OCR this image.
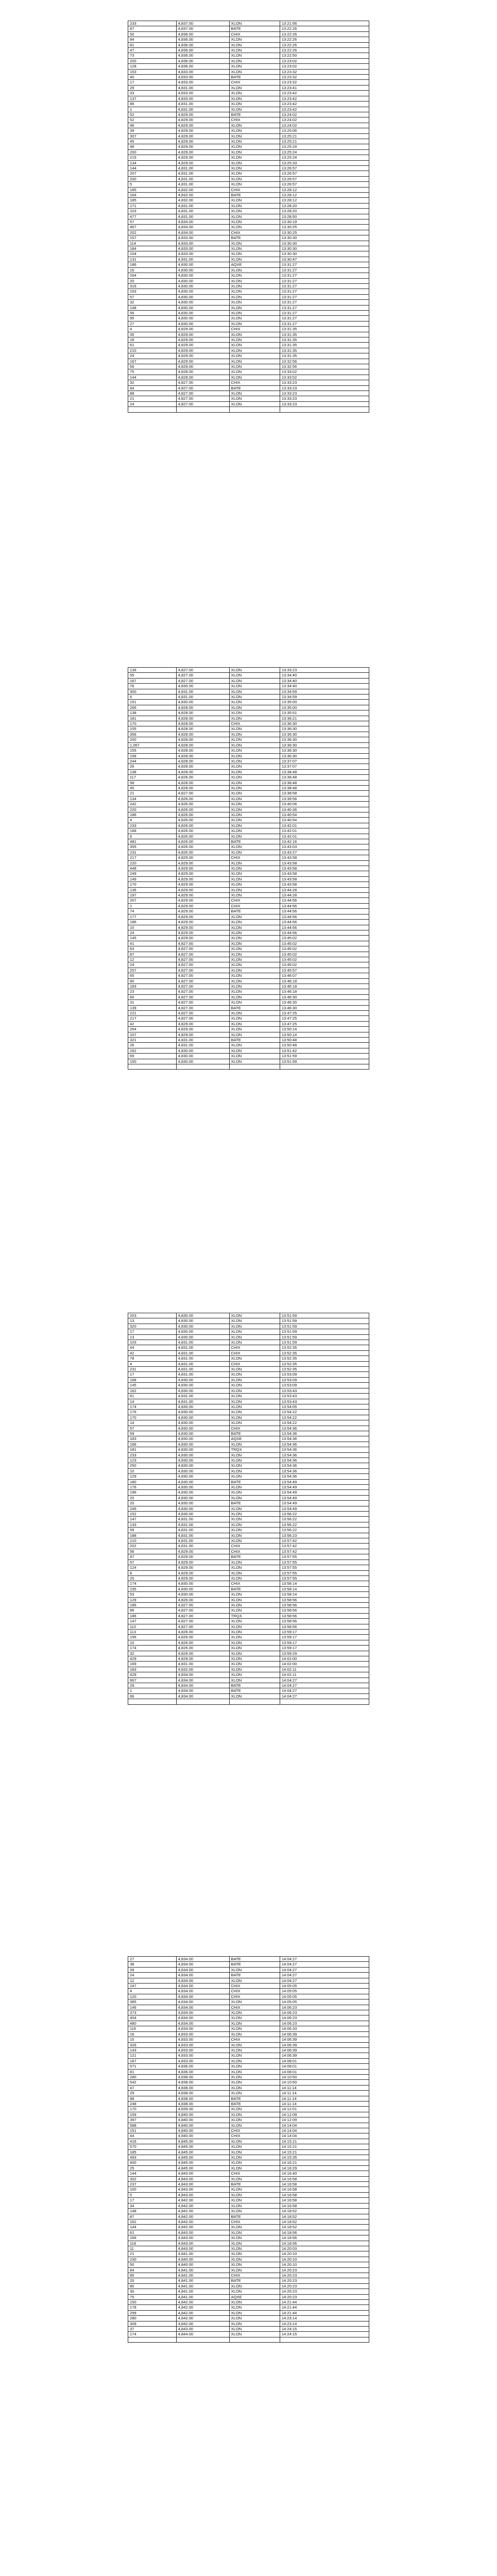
233	4,837.00	XLON	13:21:56
87	4,837.00	BATE	13:22:26
50	4,836.00	CHIX	13:22:26
84	4,836.00	XLON	13:22:26
81	4,836.00	XLON	13:22:26
47	4,836.00	XLON	13:22:26
73	4,836.00	XLON	13:22:50
200	4,836.00	XLON	13:23:02
128	4,836.00	XLON	13:23:02
153	4,833.00	XLON	13:23:32
40	4,833.00	BATE	13:23:32
17	4,833.00	CHIX	13:23:32
29	4,831.00	XLON	13:23:41
33	4,833.00	XLON	13:23:42
137	4,833.00	XLON	13:23:42
86	4,831.00	XLON	13:23:42
1	4,831.00	XLON	13:23:42
52	4,829.00	BATE	13:24:02
52	4,829.00	CHIX	13:24:02
46	4,829.00	XLON	13:24:02
39	4,829.00	XLON	13:25:06
307	4,829.00	XLON	13:25:21
45	4,829.00	XLON	13:25:21
48	4,829.00	XLON	13:25:24
200	4,829.00	XLON	13:25:24
215	4,829.00	XLON	13:25:24
134	4,829.00	XLON	13:25:33
144	4,831.00	XLON	13:26:57
207	4,831.00	XLON	13:26:57
200	4,831.00	XLON	13:26:57
5	4,831.00	XLON	13:26:57
185	4,832.00	CHIX	13:28:12
164	4,832.00	BATE	13:28:12
185	4,832.00	XLON	13:28:12
171	4,831.00	XLON	13:28:20
103	4,831.00	XLON	13:28:20
477	4,831.00	XLON	13:28:50
57	4,834.00	XLON	13:30:19
467	4,834.00	XLON	13:30:25
202	4,834.00	CHIX	13:30:25
157	4,833.00	BATE	13:30:30
114	4,833.00	XLON	13:30:30
184	4,833.00	XLON	13:30:30
104	4,833.00	XLON	13:30:30
131	4,831.00	XLON	13:30:47
186	4,830.00	AQXE	13:31:27
16	4,830.00	XLON	13:31:27
164	4,830.00	XLON	13:31:27
20	4,830.00	XLON	13:31:27
316	4,830.00	XLON	13:31:27
153	4,830.00	XLON	13:31:27
57	4,830.00	XLON	13:31:27
32	4,830.00	XLON	13:31:27
148	4,830.00	XLON	13:31:27
56	4,830.00	XLON	13:31:27
95	4,830.00	XLON	13:31:27
27	4,830.00	XLON	13:31:27
4	4,829.00	CHIX	13:31:35
35	4,829.00	XLON	13:31:35
18	4,829.00	XLON	13:31:35
61	4,829.00	XLON	13:31:35
210	4,829.00	XLON	13:31:35
24	4,829.00	XLON	13:31:35
167	4,829.00	XLON	13:32:56
56	4,829.00	XLON	13:32:56
75	4,828.00	XLON	13:33:02
144	4,828.00	XLON	13:33:02
32	4,827.00	CHIX	13:33:23
64	4,827.00	BATE	13:33:23
88	4,827.00	XLON	13:33:23
21	4,827.00	XLON	13:33:23
24	4,827.00	XLON	13:33:23

136	4,827.00	XLON	13:33:23
55	4,827.00	XLON	13:34:40
167	4,827.00	XLON	13:34:40
76	4,830.00	XLON	13:34:40
300	4,831.00	XLON	13:34:59
6	4,831.00	XLON	13:34:59
151	4,830.00	XLON	13:35:00
266	4,828.00	XLON	13:35:00
138	4,828.00	XLON	13:35:51
181	4,828.00	XLON	13:36:21
170	4,828.00	CHIX	13:36:30
155	4,828.00	XLON	13:36:30
356	4,828.00	XLON	13:36:30
200	4,828.00	XLON	13:36:30
1,067	4,828.00	XLON	13:36:30
155	4,828.00	XLON	13:36:30
158	4,828.00	XLON	13:36:30
244	4,828.00	XLON	13:37:07
26	4,828.00	XLON	13:37:07
138	4,828.00	XLON	13:38:48
117	4,826.00	XLON	13:38:48
58	4,828.00	XLON	13:38:48
45	4,828.00	XLON	13:38:48
21	4,827.00	XLON	13:38:58
134	4,826.00	XLON	13:39:56
242	4,826.00	XLON	13:40:06
220	4,826.00	XLON	13:40:36
186	4,826.00	XLON	13:40:54
4	4,826.00	XLON	13:40:54
233	4,826.00	XLON	13:42:01
168	4,826.00	XLON	13:42:01
6	4,826.00	XLON	13:42:01
481	4,826.00	BATE	13:42:16
355	4,826.00	XLON	13:43:03
231	4,826.00	XLON	13:43:27
217	4,829.00	CHIX	13:43:58
220	4,829.00	XLON	13:43:58
448	4,829.00	XLON	13:43:58
249	4,829.00	XLON	13:43:58
149	4,829.00	XLON	13:43:58
170	4,829.00	XLON	13:43:58
136	4,829.00	XLON	13:44:28
197	4,829.00	XLON	13:44:28
207	4,829.00	CHIX	13:44:56
1	4,829.00	CHIX	13:44:56
74	4,829.00	BATE	13:44:56
177	4,829.00	XLON	13:44:56
186	4,829.00	XLON	13:44:56
10	4,829.00	XLON	13:44:56
24	4,829.00	XLON	13:44:56
145	4,829.00	XLON	13:45:02
41	4,827.00	XLON	13:45:02
63	4,827.00	XLON	13:45:02
87	4,827.00	XLON	13:45:02
12	4,827.00	XLON	13:45:02
24	4,827.00	XLON	13:45:02
257	4,827.00	XLON	13:45:57
65	4,827.00	XLON	13:46:07
60	4,827.00	XLON	13:46:18
183	4,827.00	XLON	13:46:18
23	4,827.00	XLON	13:46:18
60	4,827.00	XLON	13:46:30
31	4,827.00	XLON	13:46:30
139	4,827.00	BATE	13:46:30
221	4,827.00	XLON	13:47:25
217	4,827.00	XLON	13:47:25
42	4,829.00	XLON	13:47:25
264	4,829.00	XLON	13:50:14
107	4,829.00	XLON	13:50:14
321	4,831.00	BATE	13:50:48
26	4,831.00	XLON	13:50:48
162	4,830.00	XLON	13:51:42
69	4,830.00	XLON	13:51:59
150	4,830.00	XLON	13:51:59

203	4,830.00	XLON	13:51:59
13	4,830.00	XLON	13:51:59
320	4,830.00	XLON	13:51:59
17	4,830.00	XLON	13:51:59
13	4,830.00	XLON	13:51:59
103	4,831.00	XLON	13:51:59
44	4,831.00	CHIX	13:52:35
42	4,831.00	CHIX	13:52:35
78	4,831.00	XLON	13:52:35
4	4,831.00	CHIX	13:52:35
231	4,831.00	XLON	13:52:35
17	4,831.00	XLON	13:53:09
168	4,830.00	XLON	13:53:09
145	4,830.00	XLON	13:53:09
162	4,830.00	XLON	13:53:43
61	4,831.00	XLON	13:53:43
14	4,831.00	XLON	13:53:43
174	4,830.00	XLON	13:54:05
176	4,830.00	XLON	13:54:22
170	4,830.00	XLON	13:54:22
14	4,830.00	XLON	13:54:22
57	4,830.00	CHIX	13:54:36
59	4,830.00	BATE	13:54:36
183	4,830.00	AQXE	13:54:36
166	4,830.00	XLON	13:54:36
181	4,830.00	TRQX	13:54:36
233	4,830.00	XLON	13:54:36
123	4,830.00	XLON	13:54:36
250	4,830.00	XLON	13:54:36
10	4,830.00	XLON	13:54:36
129	4,830.00	XLON	13:54:36
180	4,830.00	BATE	13:54:49
176	4,830.00	XLON	13:54:49
196	4,830.00	XLON	13:54:49
20	4,830.00	XLON	13:54:49
20	4,830.00	BATE	13:54:49
245	4,830.00	XLON	13:54:49
152	4,830.00	XLON	13:56:22
147	4,831.00	XLON	13:56:22
133	4,831.00	XLON	13:56:22
59	4,831.00	XLON	13:56:22
188	4,831.00	XLON	13:56:23
210	4,831.00	XLON	13:57:42
202	4,831.00	CHIX	13:57:42
56	4,829.00	CHIX	13:57:42
47	4,829.00	BATE	13:57:55
57	4,829.00	XLON	13:57:55
124	4,829.00	XLON	13:57:55
8	4,829.00	XLON	13:57:55
20	4,829.00	XLON	13:57:55
174	4,830.00	CHIX	13:58:14
235	4,830.00	BATE	13:58:14
53	4,830.00	XLON	13:58:14
129	4,826.00	XLON	13:58:56
186	4,827.00	XLON	13:58:56
96	4,827.00	XLON	13:58:56
186	4,827.00	TRQX	13:58:56
147	4,827.00	XLON	13:58:56
110	4,827.00	XLON	13:58:56
113	4,826.00	XLON	13:59:17
156	4,826.00	XLON	13:59:17
10	4,826.00	XLON	13:59:17
174	4,826.00	XLON	13:59:17
32	4,829.00	XLON	13:59:29
429	4,829.00	XLON	14:02:00
169	4,831.00	XLON	14:02:00
183	4,832.00	XLON	14:02:11
429	4,834.00	XLON	14:02:11
667	4,834.00	XLON	14:04:27
29	4,834.00	BATE	14:04:27
1	4,834.00	BATE	14:04:27
66	4,834.00	XLON	14:04:27

27	4,834.00	BATE	14:04:27
38	4,834.00	BATE	14:04:27
39	4,834.00	XLON	14:04:27
24	4,834.00	BATE	14:04:27
12	4,834.00	XLON	14:04:27
247	4,834.00	CHIX	14:05:05
4	4,834.00	CHIX	14:05:05
120	4,834.00	CHIX	14:05:05
385	4,834.00	XLON	14:05:05
146	4,834.00	CHIX	14:06:23
373	4,834.00	XLON	14:06:23
404	4,834.00	XLON	14:06:23
480	4,834.00	XLON	14:06:23
116	4,834.00	XLON	14:06:33
16	4,833.00	XLON	14:06:39
15	4,833.00	CHIX	14:06:39
326	4,833.00	XLON	14:06:39
143	4,833.00	XLON	14:06:39
121	4,833.00	XLON	14:06:39
187	4,833.00	XLON	14:08:01
571	4,836.00	XLON	14:08:01
81	4,836.00	XLON	14:08:01
280	4,838.00	XLON	14:10:50
542	4,838.00	XLON	14:10:50
47	4,838.00	XLON	14:11:14
29	4,838.00	XLON	14:11:14
98	4,838.00	BATE	14:11:14
248	4,838.00	BATE	14:11:14
170	4,839.00	XLON	14:12:01
159	4,840.00	XLON	14:12:09
397	4,840.00	XLON	14:12:09
588	4,840.00	XLON	14:14:04
151	4,840.00	CHIX	14:14:04
44	4,840.00	CHIX	14:14:04
416	4,845.00	XLON	14:15:21
570	4,845.00	XLON	14:15:21
185	4,845.00	XLON	14:15:21
493	4,845.00	XLON	14:15:35
400	4,845.00	XLON	14:16:21
25	4,845.00	XLON	14:16:29
144	4,843.00	CHIX	14:16:40
302	4,843.00	XLON	14:16:58
237	4,843.00	BATE	14:16:58
100	4,843.00	XLON	14:16:58
5	4,843.00	XLON	14:16:58
17	4,842.00	XLON	14:16:58
34	4,842.00	XLON	14:16:58
148	4,842.00	XLON	14:18:52
87	4,842.00	BATE	14:18:52
162	4,842.00	CHIX	14:18:52
144	4,842.00	XLON	14:18:52
61	4,843.00	XLON	14:18:56
166	4,843.00	XLON	14:18:56
118	4,843.00	XLON	14:18:56
11	4,843.00	XLON	14:20:03
21	4,841.00	XLON	14:20:10
230	4,840.00	XLON	14:20:10
50	4,840.00	XLON	14:20:10
84	4,841.00	XLON	14:20:23
85	4,841.00	CHIX	14:20:23
20	4,841.00	BATE	14:20:23
80	4,841.00	XLON	14:20:23
30	4,841.00	XLON	14:20:23
75	4,841.00	AQXE	14:20:23
150	4,842.00	XLON	14:21:44
178	4,842.00	XLON	14:21:44
299	4,842.00	XLON	14:21:44
280	4,842.00	XLON	14:23:14
309	4,842.00	XLON	14:23:14
37	4,843.00	XLON	14:24:15
174	4,844.00	XLON	14:24:15
